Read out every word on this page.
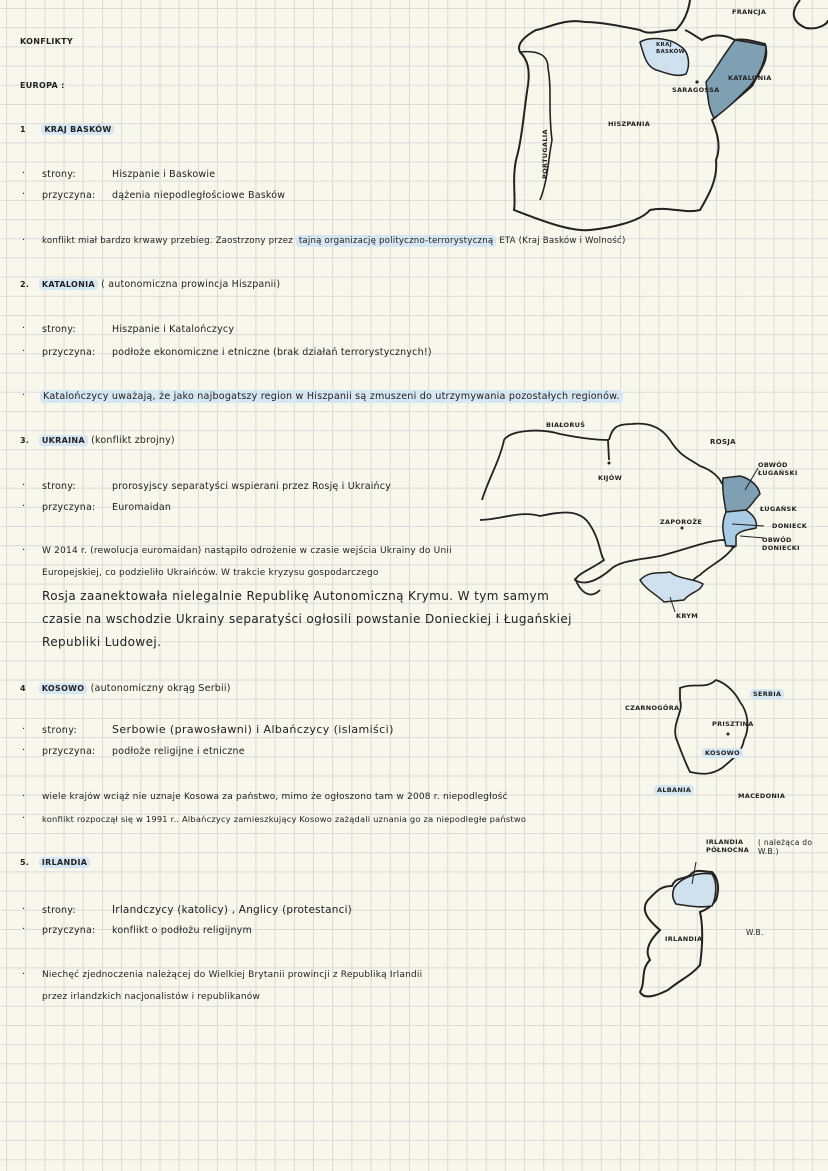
KONFLIKTY
EUROPA :
1 KRAJ BASKÓW
· strony:	Hiszpanie i Baskowie
· przyczyna: dążenia niepodległościowe Basków
· konflikt miał bardzo krwawy przebieg. Zaostrzony przez tajną organizację polityczno-terrorystyczną ETA (Kraj Basków i Wolność)
2. KATALONIA ( autonomiczna prowincja Hiszpanii)
· strony:	Hiszpanie i Katalończycy
· przyczyna: podłoże ekonomiczne i etniczne (brak działań terrorystycznych!)
·	Katalończycy uważają, że jako najbogatszy region w Hiszpanii są zmuszeni do utrzymywania pozostałych regionów.
3. UKRAINA (konflikt zbrojny)
· strony:	prorosyjscy separatyści wspierani przez Rosję i Ukraińcy
· przyczyna: Euromaidan
· W 2014 r. (rewolucja euromaidan) nastąpiło odrożenie w czasie wejścia Ukrainy do Unii
Europejskiej, co podzieliło Ukraińców. W trakcie kryzysu gospodarczego
Rosja zaanektowała nielegalnie Republikę Autonomiczną Krymu. W tym samym
czasie na wschodzie Ukrainy separatyści ogłosili powstanie Donieckiej i Ługańskiej
Republiki Ludowej.
4 KOSOWO (autonomiczny okrąg Serbii)
· strony:	Serbowie (prawosławni) i Albańczycy (islamiści)
· przyczyna: podłoże religijne i etniczne
· wiele krajów wciąż nie uznaje Kosowa za państwo, mimo że ogłoszono tam w 2008 r. niepodległość
· konflikt rozpoczął się w 1991 r.. Albańczycy zamieszkujący Kosowo zażądali uznania go za niepodległe państwo
5. IRLANDIA
· strony:	Irlandczycy (katolicy) , Anglicy (protestanci)
· przyczyna: konflikt o podłożu religijnym
· Niechęć zjednoczenia należącej do Wielkiej Brytanii prowincji z Republiką Irlandii
przez irlandzkich nacjonalistów i republikanów
FRANCJA
KRAJ BASKÓW
SARAGOSSA
KATALONIA
HISZPANIA
PORTUGALIA
BIAŁORUŚ
KIJÓW
ROSJA
OBWÓD ŁUGAŃSKI
ŁUGAŃSK
ZAPOROŻE	DONIECK
OBWÓD DONIECKI
KRYM
CZARNOGÓRA
SERBIA
PRISZTINA
KOSOWO
ALBANIA
MACEDONIA
IRLANDIA PÓŁNOCNA
( należąca do W.B.)
IRLANDIA
W.B.
